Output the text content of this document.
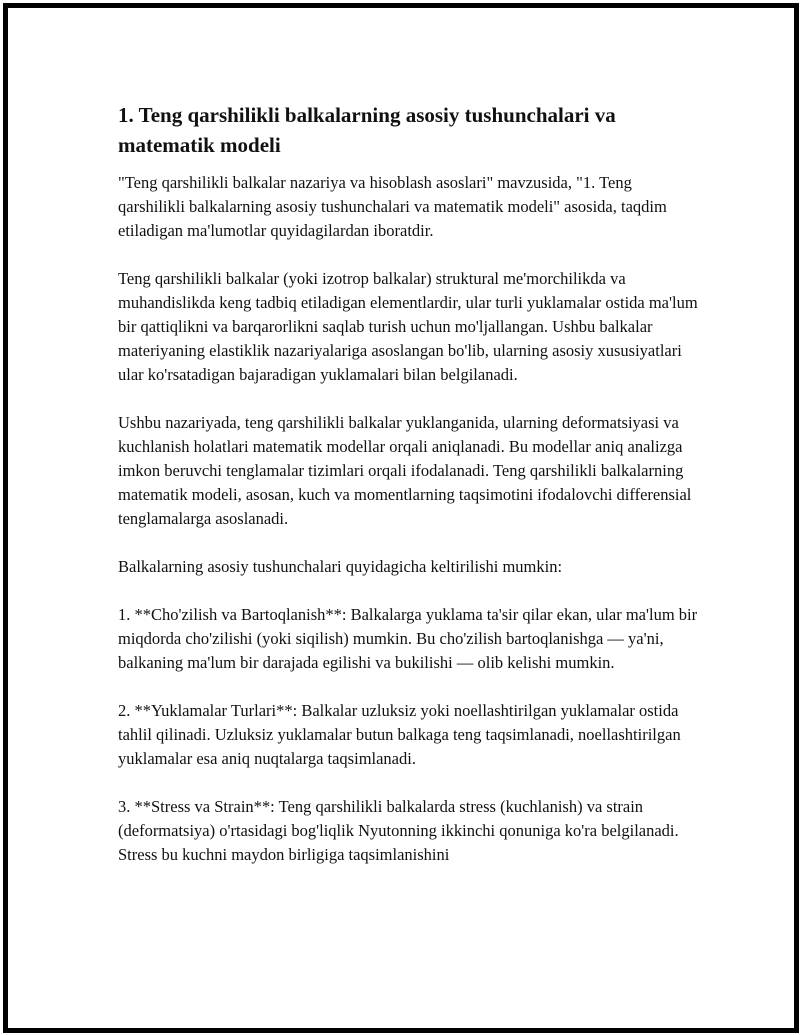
1. Teng qarshilikli balkalarning asosiy tushunchalari va matematik modeli

"Teng qarshilikli balkalar nazariya va hisoblash asoslari" mavzusida, "1. Teng qarshilikli balkalarning asosiy tushunchalari va matematik modeli" asosida, taqdim etiladigan ma'lumotlar quyidagilardan iboratdir.

Teng qarshilikli balkalar (yoki izotrop balkalar) struktural me'morchilikda va muhandislikda keng tadbiq etiladigan elementlardir, ular turli yuklamalar ostida ma'lum bir qattiqlikni va barqarorlikni saqlab turish uchun mo'ljallangan. Ushbu balkalar materiyaning elastiklik nazariyalariga asoslangan bo'lib, ularning asosiy xususiyatlari ular ko'rsatadigan bajaradigan yuklamalari bilan belgilanadi.

Ushbu nazariyada, teng qarshilikli balkalar yuklanganida, ularning deformatsiyasi va kuchlanish holatlari matematik modellar orqali aniqlanadi. Bu modellar aniq analizga imkon beruvchi tenglamalar tizimlari orqali ifodalanadi. Teng qarshilikli balkalarning matematik modeli, asosan, kuch va momentlarning taqsimotini ifodalovchi differensial tenglamalarga asoslanadi.

Balkalarning asosiy tushunchalari quyidagicha keltirilishi mumkin:

1. **Cho'zilish va Bartoqlanish**: Balkalarga yuklama ta'sir qilar ekan, ular ma'lum bir miqdorda cho'zilishi (yoki siqilish) mumkin. Bu cho'zilish bartoqlanishga — ya'ni, balkaning ma'lum bir darajada egilishi va bukilishi — olib kelishi mumkin.

2. **Yuklamalar Turlari**: Balkalar uzluksiz yoki noellashtirilgan yuklamalar ostida tahlil qilinadi. Uzluksiz yuklamalar butun balkaga teng taqsimlanadi, noellashtirilgan yuklamalar esa aniq nuqtalarga taqsimlanadi.

3. **Stress va Strain**: Teng qarshilikli balkalarda stress (kuchlanish) va strain (deformatsiya) o'rtasidagi bog'liqlik Nyutonning ikkinchi qonuniga ko'ra belgilanadi. Stress bu kuchni maydon birligiga taqsimlanishini
